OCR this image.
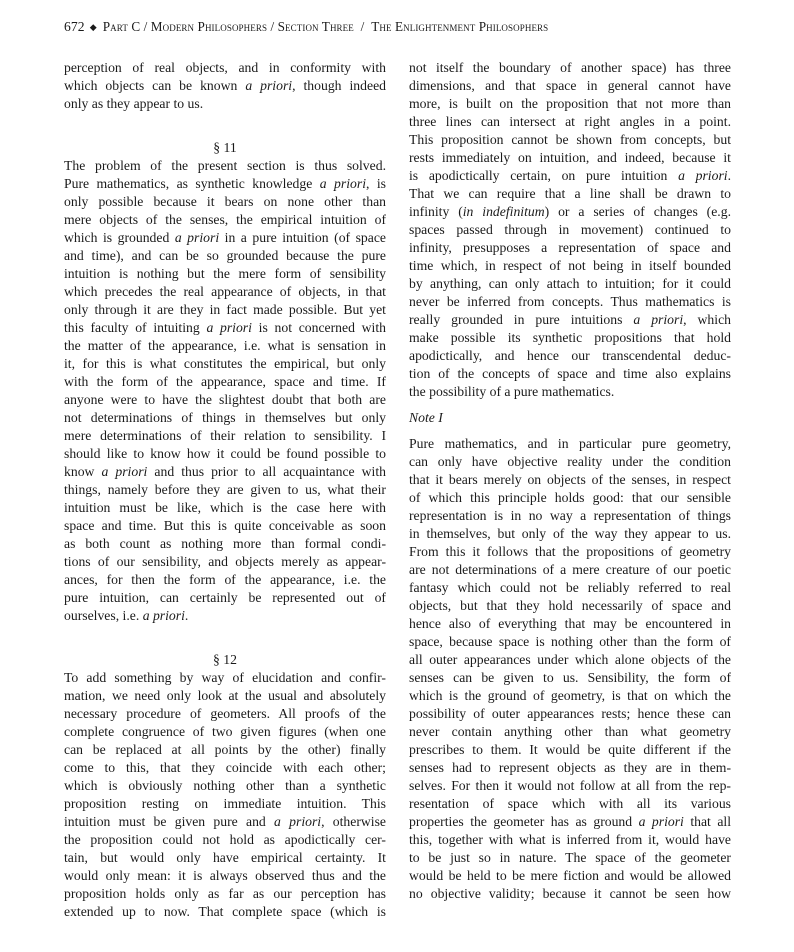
672 ◆ Part C / Modern Philosophers / Section Three  /  The Enlightenment Philosophers
perception of real objects, and in conformity with
which objects can be known a priori, though indeed
only as they appear to us.
§ 11
The problem of the present section is thus solved.
Pure mathematics, as synthetic knowledge a priori, is
only possible because it bears on none other than
mere objects of the senses, the empirical intuition of
which is grounded a priori in a pure intuition (of space
and time), and can be so grounded because the pure
intuition is nothing but the mere form of sensibility
which precedes the real appearance of objects, in that
only through it are they in fact made possible. But yet
this faculty of intuiting a priori is not concerned with
the matter of the appearance, i.e. what is sensation in
it, for this is what constitutes the empirical, but only
with the form of the appearance, space and time. If
anyone were to have the slightest doubt that both are
not determinations of things in themselves but only
mere determinations of their relation to sensibility. I
should like to know how it could be found possible to
know a priori and thus prior to all acquaintance with
things, namely before they are given to us, what their
intuition must be like, which is the case here with
space and time. But this is quite conceivable as soon
as both count as nothing more than formal condi-
tions of our sensibility, and objects merely as appear-
ances, for then the form of the appearance, i.e. the
pure intuition, can certainly be represented out of
ourselves, i.e. a priori.
§ 12
To add something by way of elucidation and confir-
mation, we need only look at the usual and absolutely
necessary procedure of geometers. All proofs of the
complete congruence of two given figures (when one
can be replaced at all points by the other) finally
come to this, that they coincide with each other;
which is obviously nothing other than a synthetic
proposition resting on immediate intuition. This
intuition must be given pure and a priori, otherwise
the proposition could not hold as apodictically cer-
tain, but would only have empirical certainty. It
would only mean: it is always observed thus and the
proposition holds only as far as our perception has
extended up to now. That complete space (which is
not itself the boundary of another space) has three
dimensions, and that space in general cannot have
more, is built on the proposition that not more than
three lines can intersect at right angles in a point.
This proposition cannot be shown from concepts, but
rests immediately on intuition, and indeed, because it
is apodictically certain, on pure intuition a priori.
That we can require that a line shall be drawn to
infinity (in indefinitum) or a series of changes (e.g.
spaces passed through in movement) continued to
infinity, presupposes a representation of space and
time which, in respect of not being in itself bounded
by anything, can only attach to intuition; for it could
never be inferred from concepts. Thus mathematics is
really grounded in pure intuitions a priori, which
make possible its synthetic propositions that hold
apodictically, and hence our transcendental deduc-
tion of the concepts of space and time also explains
the possibility of a pure mathematics.
Note I
Pure mathematics, and in particular pure geometry,
can only have objective reality under the condition
that it bears merely on objects of the senses, in respect
of which this principle holds good: that our sensible
representation is in no way a representation of things
in themselves, but only of the way they appear to us.
From this it follows that the propositions of geometry
are not determinations of a mere creature of our poetic
fantasy which could not be reliably referred to real
objects, but that they hold necessarily of space and
hence also of everything that may be encountered in
space, because space is nothing other than the form of
all outer appearances under which alone objects of the
senses can be given to us. Sensibility, the form of
which is the ground of geometry, is that on which the
possibility of outer appearances rests; hence these can
never contain anything other than what geometry
prescribes to them. It would be quite different if the
senses had to represent objects as they are in them-
selves. For then it would not follow at all from the rep-
resentation of space which with all its various
properties the geometer has as ground a priori that all
this, together with what is inferred from it, would have
to be just so in nature. The space of the geometer
would be held to be mere fiction and would be allowed
no objective validity; because it cannot be seen how
